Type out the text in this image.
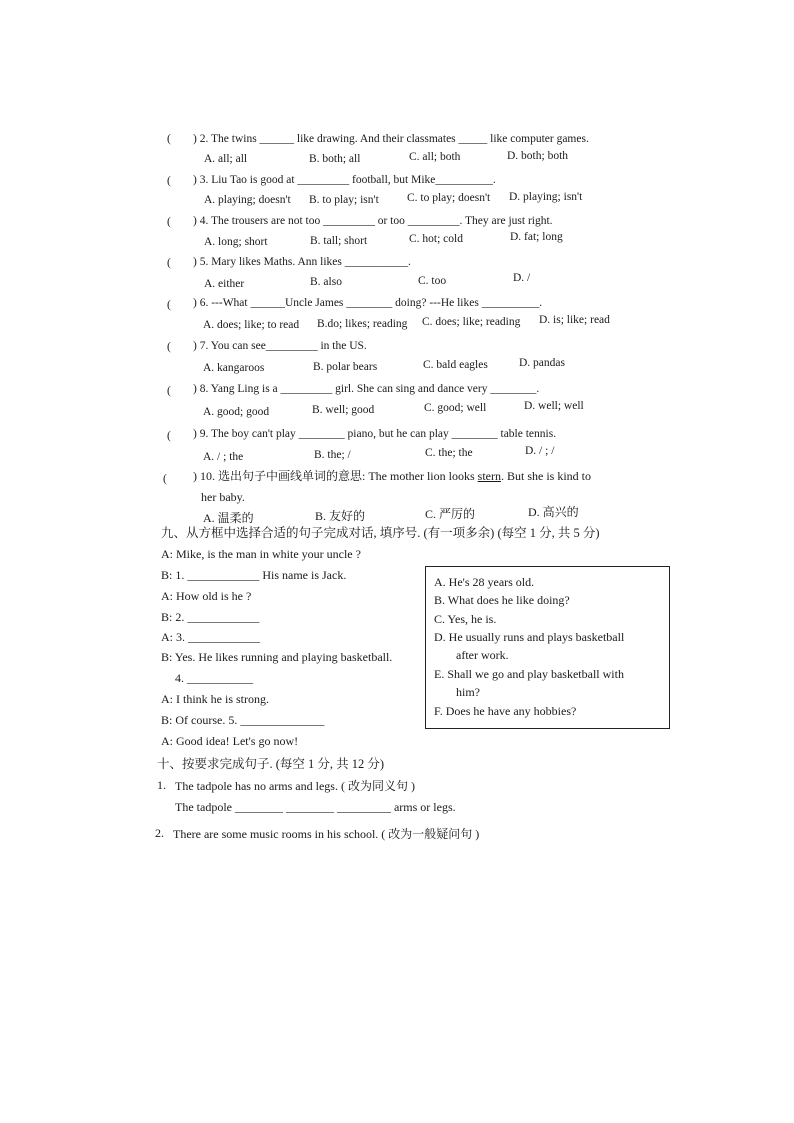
( ) 2. The twins ______ like drawing. And their classmates _____ like computer games.
A. all; all	B. both; all	C. all; both	D. both; both
( ) 3. Liu Tao is good at _________ football, but Mike__________.
A. playing; doesn't B. to play; isn't C. to play; doesn't D. playing; isn't
( ) 4. The trousers are not too _________ or too _________. They are just right.
A. long; short	B. tall; short	C. hot; cold	D. fat; long
( ) 5. Mary likes Maths. Ann likes ___________.
A. either	B. also	C. too	D. /
( ) 6. ---What ______Uncle James ________ doing? ---He likes __________.
A. does; like; to read B.do; likes; reading C. does; like; reading D. is; like; read
( ) 7. You can see_________ in the US.
A. kangaroos	B. polar bears	C. bald eagles	D. pandas
( ) 8. Yang Ling is a _________ girl. She can sing and dance very ________.
A. good; good	B. well; good	C. good; well	D. well; well
( ) 9. The boy can't play ________ piano, but he can play ________ table tennis.
A. / ; the	B. the; /	C. the; the	D. / ; /
( ) 10. 选出句子中画线单词的意思: The mother lion looks stern. But she is kind to
her baby.
A. 温柔的	B. 友好的	C. 严厉的	D. 高兴的
九、从方框中选择合适的句子完成对话, 填序号. (有一项多余) (每空 1 分, 共 5 分)
A: Mike, is the man in white your uncle ?
B: 1. ____________ His name is Jack.
A: How old is he ?
B: 2. ____________
A: 3. ____________
B: Yes. He likes running and playing basketball.
4. ___________
A: I think he is strong.
B: Of course. 5. ______________
A: Good idea! Let's go now!
A. He's 28 years old.
B. What does he like doing?
C. Yes, he is.
D. He usually runs and plays basketball
after work.
E. Shall we go and play basketball with
him?
F. Does he have any hobbies?
十、按要求完成句子. (每空 1 分, 共 12 分)
1. The tadpole has no arms and legs. ( 改为同义句 )
The tadpole ________ ________ _________ arms or legs.
2. There are some music rooms in his school. ( 改为一般疑问句 )
